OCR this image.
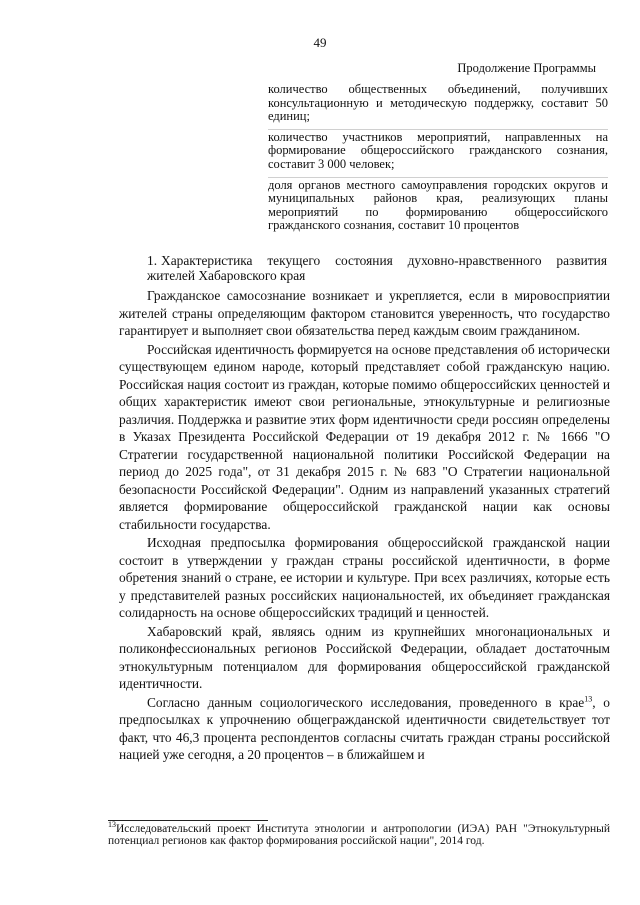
49
Продолжение Программы
количество общественных объединений, получивших консультационную и методическую поддержку, составит 50 единиц;
количество участников мероприятий, направленных на формирование общероссийского гражданского сознания, составит 3 000 человек;
доля органов местного самоуправления городских округов и муниципальных районов края, реализующих планы мероприятий по формированию общероссийского гражданского сознания, составит 10 процентов
1. Характеристика текущего состояния духовно-нравственного развития жителей Хабаровского края

Гражданское самосознание возникает и укрепляется, если в мировосприятии жителей страны определяющим фактором становится уверенность, что государство гарантирует и выполняет свои обязательства перед каждым своим гражданином.

Российская идентичность формируется на основе представления об исторически существующем едином народе, который представляет собой гражданскую нацию. Российская нация состоит из граждан, которые помимо общероссийских ценностей и общих характеристик имеют свои региональные, этнокультурные и религиозные различия. Поддержка и развитие этих форм идентичности среди россиян определены в Указах Президента Российской Федерации от 19 декабря 2012 г. № 1666 "О Стратегии государственной национальной политики Российской Федерации на период до 2025 года", от 31 декабря 2015 г. № 683 "О Стратегии национальной безопасности Российской Федерации". Одним из направлений указанных стратегий является формирование общероссийской гражданской нации как основы стабильности государства.

Исходная предпосылка формирования общероссийской гражданской нации состоит в утверждении у граждан страны российской идентичности, в форме обретения знаний о стране, ее истории и культуре. При всех различиях, которые есть у представителей разных российских национальностей, их объединяет гражданская солидарность на основе общероссийских традиций и ценностей.

Хабаровский край, являясь одним из крупнейших многонациональных и поликонфессиональных регионов Российской Федерации, обладает достаточным этнокультурным потенциалом для формирования общероссийской гражданской идентичности.

Согласно данным социологического исследования, проведенного в крае$^{13}$, о предпосылках к упрочнению общегражданской идентичности свидетельствует тот факт, что 46,3 процента респондентов согласны считать граждан страны российской нацией уже сегодня, а 20 процентов – в ближайшем и

$^{13}$Исследовательский проект Института этнологии и антропологии (ИЭА) РАН "Этнокультурный потенциал регионов как фактор формирования российской нации", 2014 год.
